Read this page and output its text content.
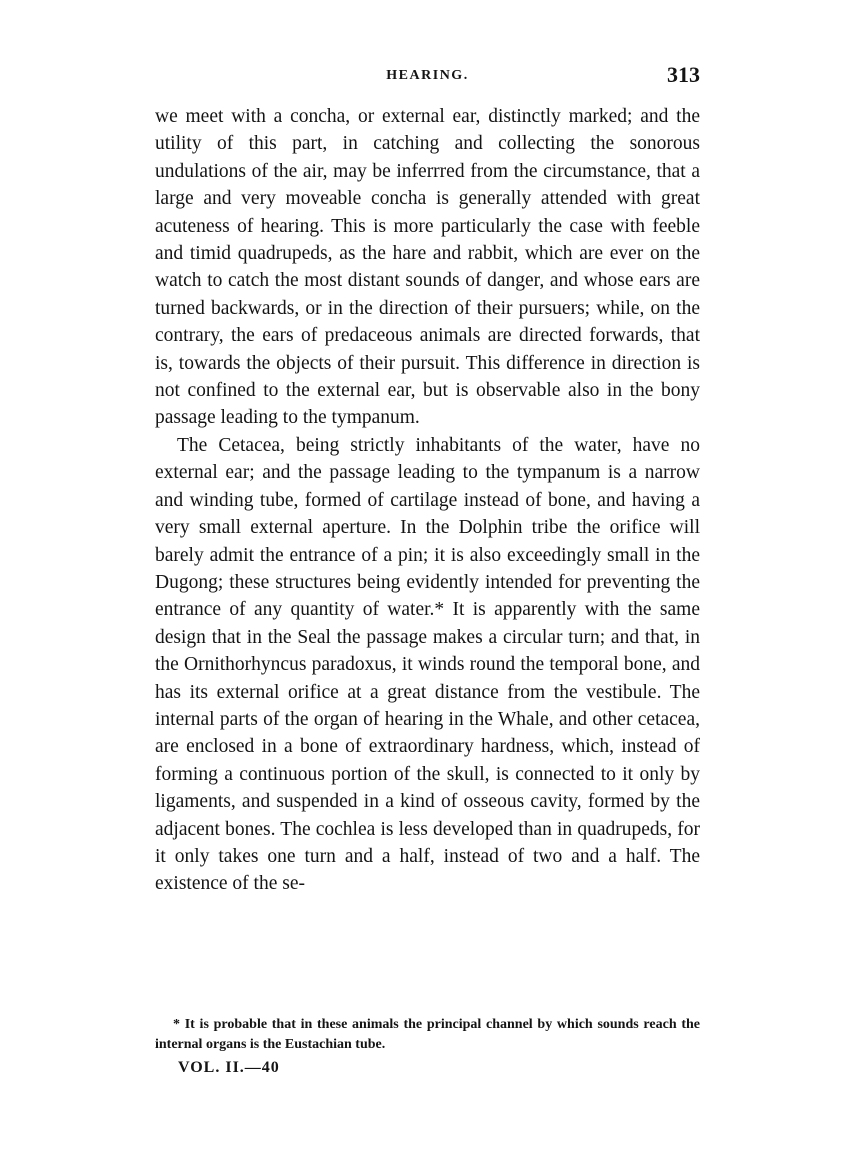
HEARING.	313

we meet with a concha, or external ear, distinctly marked; and the utility of this part, in catching and collecting the sonorous undulations of the air, may be inferrred from the circumstance, that a large and very moveable concha is generally attended with great acuteness of hearing. This is more particularly the case with feeble and timid quadrupeds, as the hare and rabbit, which are ever on the watch to catch the most distant sounds of danger, and whose ears are turned backwards, or in the direction of their pursuers; while, on the contrary, the ears of predaceous animals are directed forwards, that is, towards the objects of their pursuit. This difference in direction is not confined to the external ear, but is observable also in the bony passage leading to the tympanum.

The Cetacea, being strictly inhabitants of the water, have no external ear; and the passage leading to the tympanum is a narrow and winding tube, formed of cartilage instead of bone, and having a very small external aperture. In the Dolphin tribe the orifice will barely admit the entrance of a pin; it is also exceedingly small in the Dugong; these structures being evidently intended for preventing the entrance of any quantity of water.* It is apparently with the same design that in the Seal the passage makes a circular turn; and that, in the Ornithorhyncus paradoxus, it winds round the temporal bone, and has its external orifice at a great distance from the vestibule. The internal parts of the organ of hearing in the Whale, and other cetacea, are enclosed in a bone of extraordinary hardness, which, instead of forming a continuous portion of the skull, is connected to it only by ligaments, and suspended in a kind of osseous cavity, formed by the adjacent bones. The cochlea is less developed than in quadrupeds, for it only takes one turn and a half, instead of two and a half. The existence of the se-

* It is probable that in these animals the principal channel by which sounds reach the internal organs is the Eustachian tube.

VOL. II.—40
